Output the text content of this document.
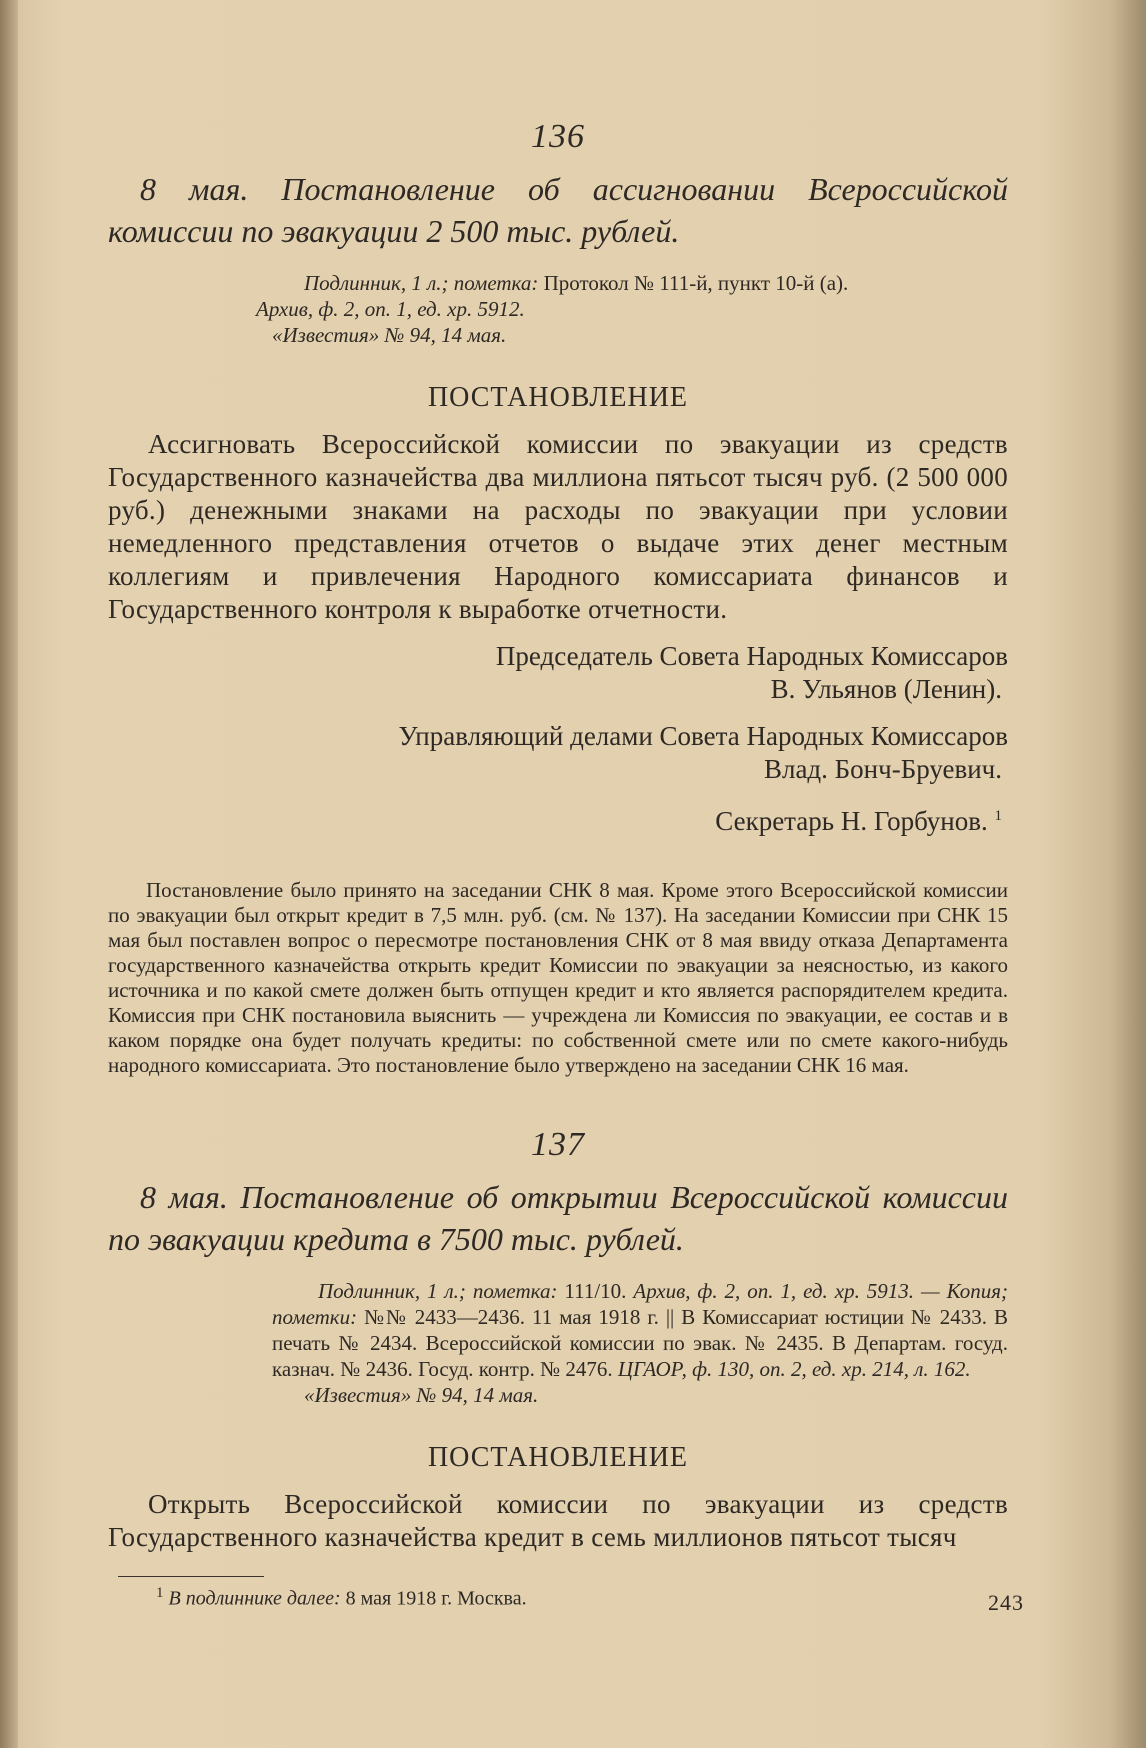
136

8 мая. Постановление об ассигновании Всероссийской комиссии по эвакуации 2 500 тыс. рублей.

Подлинник, 1 л.; пометка: Протокол № 111-й, пункт 10-й (а).

Архив, ф. 2, оп. 1, ед. хр. 5912.

«Известия» № 94, 14 мая.

ПОСТАНОВЛЕНИЕ

Ассигновать Всероссийской комиссии по эвакуации из средств Государственного казначейства два миллиона пятьсот тысяч руб. (2 500 000 руб.) денежными знаками на расходы по эвакуации при условии немедленного представления отчетов о выдаче этих денег местным коллегиям и привлечения Народного комиссариата финансов и Государственного контроля к выработке отчетности.

Председатель Совета Народных Комиссаров

В. Ульянов (Ленин).

Управляющий делами Совета Народных Комиссаров

Влад. Бонч-Бруевич.

Секретарь Н. Горбунов. $^1$

Постановление было принято на заседании СНК 8 мая. Кроме этого Всероссийской комиссии по эвакуации был открыт кредит в 7,5 млн. руб. (см. № 137). На заседании Комиссии при СНК 15 мая был поставлен вопрос о пересмотре постановления СНК от 8 мая ввиду отказа Департамента государственного казначейства открыть кредит Комиссии по эвакуации за неясностью, из какого источника и по какой смете должен быть отпущен кредит и кто является распорядителем кредита. Комиссия при СНК постановила выяснить — учреждена ли Комиссия по эвакуации, ее состав и в каком порядке она будет получать кредиты: по собственной смете или по смете какого-нибудь народного комиссариата. Это постановление было утверждено на заседании СНК 16 мая.

137

8 мая. Постановление об открытии Всероссийской комиссии по эвакуации кредита в 7500 тыс. рублей.

Подлинник, 1 л.; пометка: 111/10. Архив, ф. 2, оп. 1, ед. хр. 5913. — Копия; пометки: №№ 2433—2436. 11 мая 1918 г. || В Комиссариат юстиции № 2433. В печать № 2434. Всероссийской комиссии по эвак. № 2435. В Департам. госуд. казнач. № 2436. Госуд. контр. № 2476. ЦГАОР, ф. 130, оп. 2, ед. хр. 214, л. 162.

«Известия» № 94, 14 мая.

ПОСТАНОВЛЕНИЕ

Открыть Всероссийской комиссии по эвакуации из средств Государственного казначейства кредит в семь миллионов пятьсот тысяч

$^1$ В подлиннике далее: 8 мая 1918 г. Москва.	243
